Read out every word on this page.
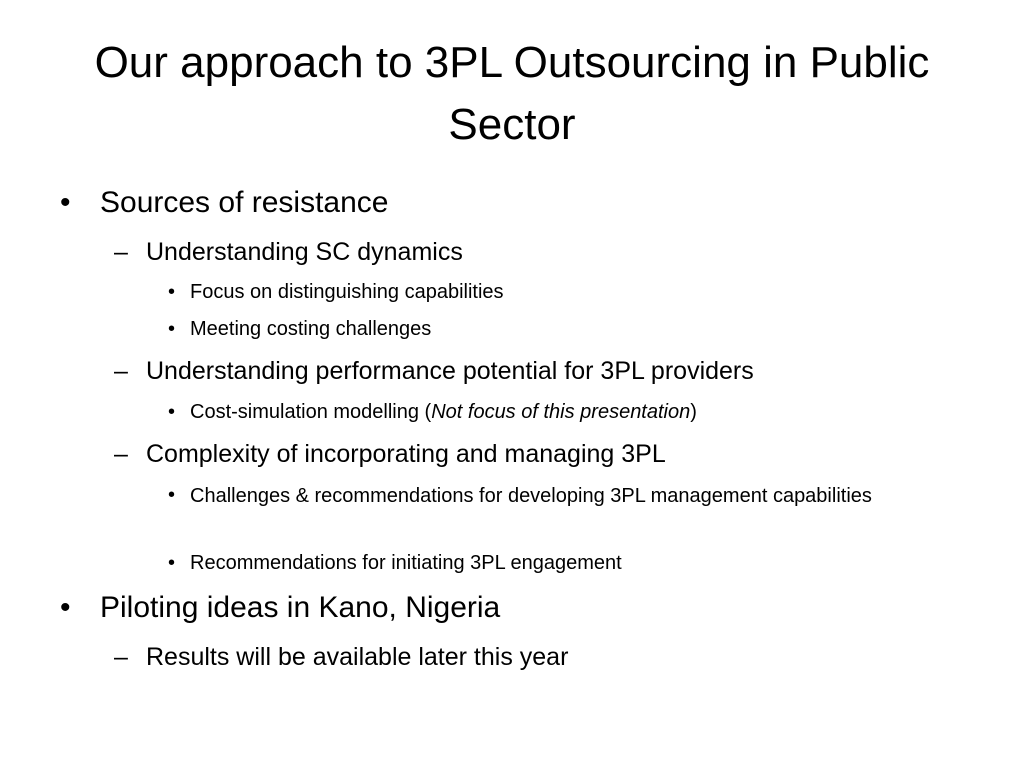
Our approach to 3PL Outsourcing in Public Sector
• Sources of resistance
– Understanding SC dynamics
• Focus on distinguishing capabilities
• Meeting costing challenges
– Understanding performance potential for 3PL providers
• Cost-simulation modelling (Not focus of this presentation)
– Complexity of incorporating and managing 3PL
• Challenges & recommendations for developing 3PL management capabilities
• Recommendations for initiating 3PL engagement
• Piloting ideas in Kano, Nigeria
– Results will be available later this year
